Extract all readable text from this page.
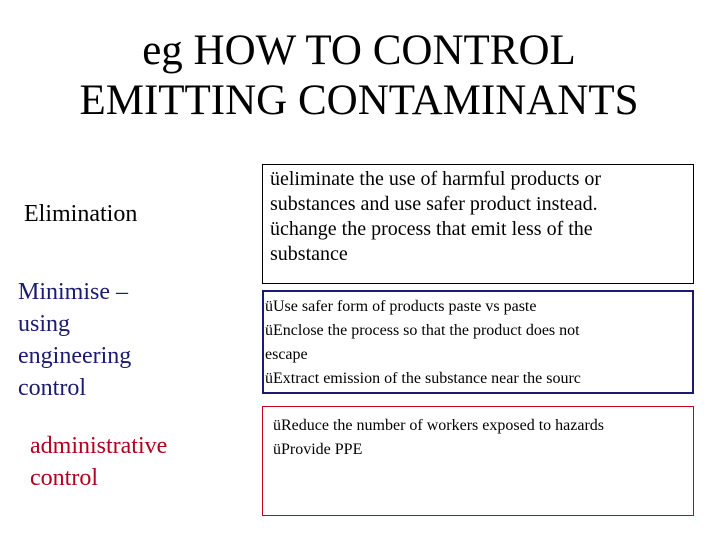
eg HOW TO CONTROL
EMITTING CONTAMINANTS
Elimination
Minimise –
using
engineering
control
administrative
control
üeliminate the use of harmful products or
substances and use safer product instead.
üchange the process that emit less of the
substance
üUse safer form of products paste vs paste
üEnclose the process so that the product does not
escape
üExtract emission of the substance near the sourc
üReduce the number of workers exposed to hazards
üProvide PPE
